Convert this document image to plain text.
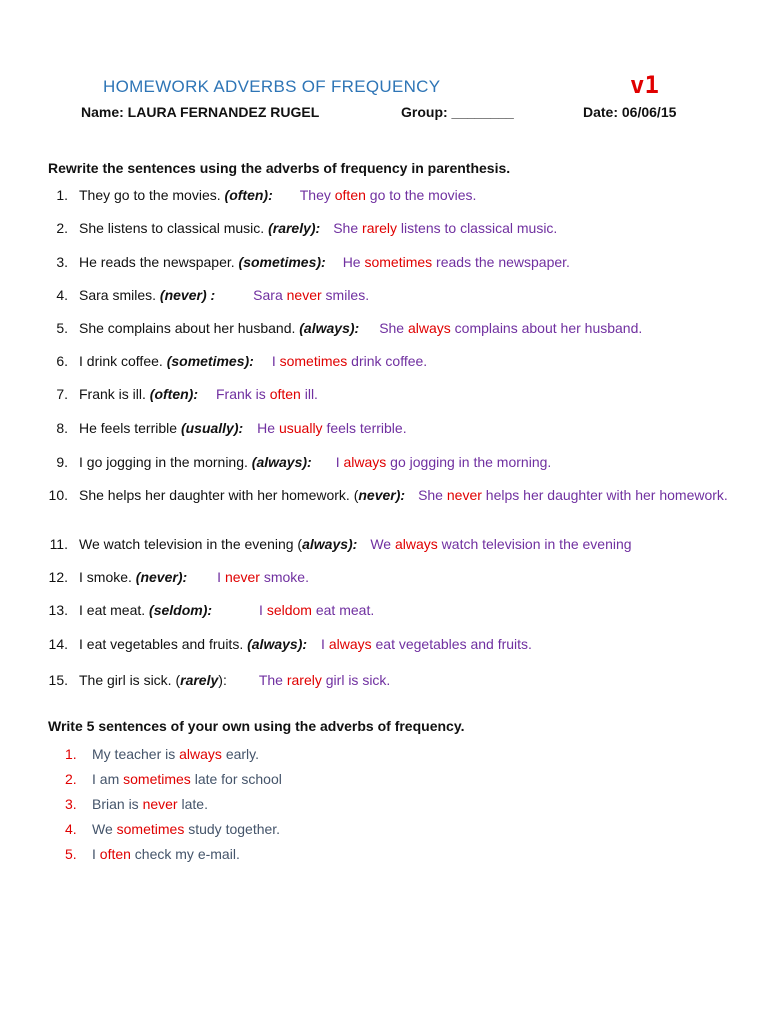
HOMEWORK ADVERBS OF FREQUENCY	v1
Name: LAURA FERNANDEZ RUGEL	Group: ________	Date: 06/06/15
Rewrite the sentences using the adverbs of frequency in parenthesis.
1. They go to the movies. (often): They often go to the movies.
2. She listens to classical music. (rarely): She rarely listens to classical music.
3. He reads the newspaper. (sometimes): He sometimes reads the newspaper.
4. Sara smiles. (never) :	Sara never smiles.
5. She complains about her husband. (always): She always complains about her husband.
6. I drink coffee. (sometimes): I sometimes drink coffee.
7. Frank is ill. (often): Frank is often ill.
8. He feels terrible (usually): He usually feels terrible.
9. I go jogging in the morning. (always): I always go jogging in the morning.
10. She helps her daughter with her homework. (never): She never helps her daughter with her homework.
11. We watch television in the evening (always): We always watch television in the evening
12. I smoke. (never): I never smoke.
13. I eat meat. (seldom):	I seldom eat meat.
14. I eat vegetables and fruits. (always): I always eat vegetables and fruits.
15. The girl is sick. (rarely): The rarely girl is sick.
Write 5 sentences of your own using the adverbs of frequency.
1. My teacher is always early.
2. I am sometimes late for school
3. Brian is never late.
4. We sometimes study together.
5. I often check my e-mail.
